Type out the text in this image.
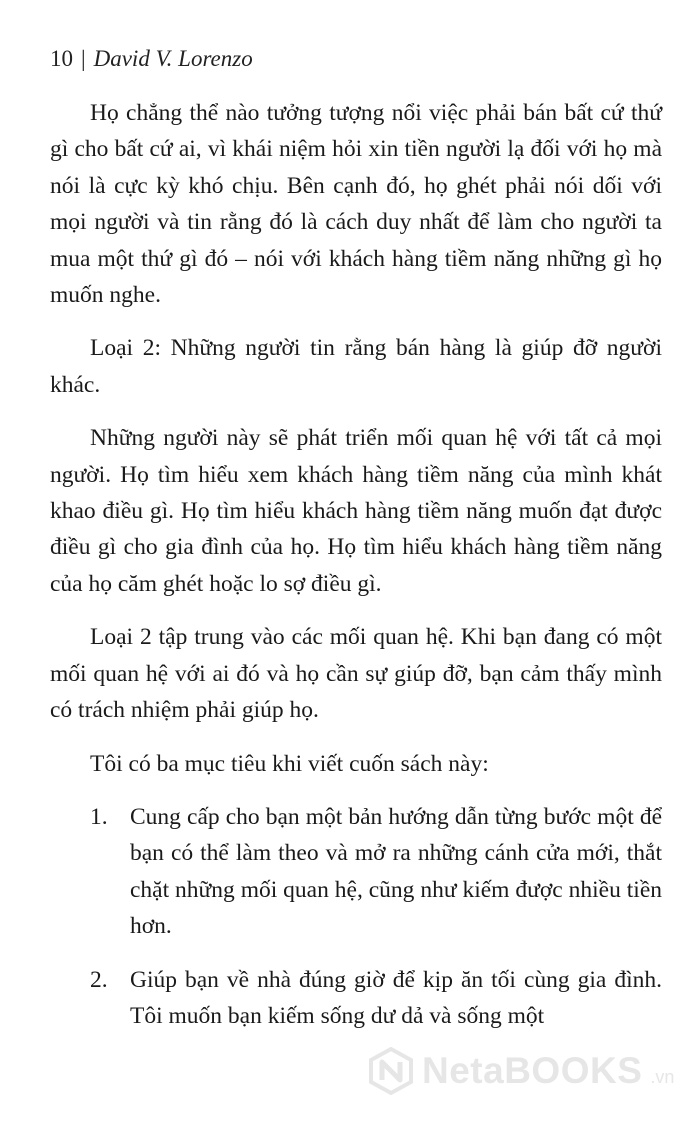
10 | David V. Lorenzo

Họ chẳng thể nào tưởng tượng nổi việc phải bán bất cứ thứ gì cho bất cứ ai, vì khái niệm hỏi xin tiền người lạ đối với họ mà nói là cực kỳ khó chịu. Bên cạnh đó, họ ghét phải nói dối với mọi người và tin rằng đó là cách duy nhất để làm cho người ta mua một thứ gì đó – nói với khách hàng tiềm năng những gì họ muốn nghe.

Loại 2: Những người tin rằng bán hàng là giúp đỡ người khác.

Những người này sẽ phát triển mối quan hệ với tất cả mọi người. Họ tìm hiểu xem khách hàng tiềm năng của mình khát khao điều gì. Họ tìm hiểu khách hàng tiềm năng muốn đạt được điều gì cho gia đình của họ. Họ tìm hiểu khách hàng tiềm năng của họ căm ghét hoặc lo sợ điều gì.

Loại 2 tập trung vào các mối quan hệ. Khi bạn đang có một mối quan hệ với ai đó và họ cần sự giúp đỡ, bạn cảm thấy mình có trách nhiệm phải giúp họ.

Tôi có ba mục tiêu khi viết cuốn sách này:

1. Cung cấp cho bạn một bản hướng dẫn từng bước một để bạn có thể làm theo và mở ra những cánh cửa mới, thắt chặt những mối quan hệ, cũng như kiếm được nhiều tiền hơn.
2. Giúp bạn về nhà đúng giờ để kịp ăn tối cùng gia đình. Tôi muốn bạn kiếm sống dư dả và sống một
NetaBOOKS .vn
